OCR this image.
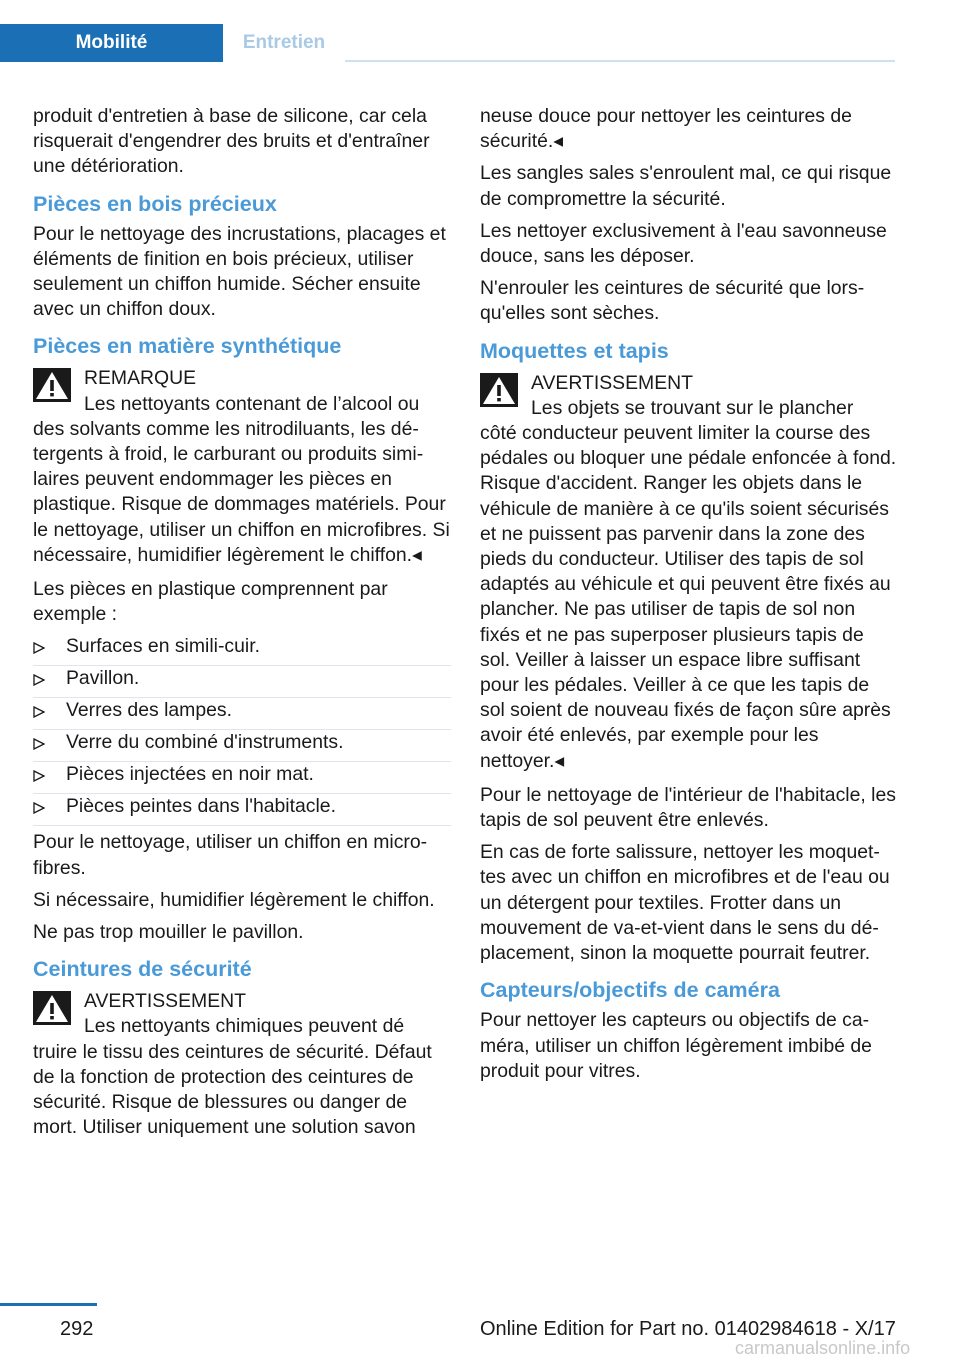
Mobilité	Entretien

produit d'entretien à base de silicone, car cela risquerait d'engendrer des bruits et d'entraîner une détérioration.

Pièces en bois précieux

Pour le nettoyage des incrustations, placages et éléments de finition en bois précieux, utiliser seulement un chiffon humide. Sécher ensuite avec un chiffon doux.

Pièces en matière synthétique
REMARQUE
Les nettoyants contenant de l’alcool ou
des solvants comme les nitrodiluants, les détergents à froid, le carburant ou produits similaires peuvent endommager les pièces en plastique. Risque de dommages matériels. Pour le nettoyage, utiliser un chiffon en microfibres. Si nécessaire, humidifier légèrement le chiffon.◂

Les pièces en plastique comprennent par exemple :

Surfaces en simili-cuir.
Pavillon.
Verres des lampes.
Verre du combiné d'instruments.
Pièces injectées en noir mat.
Pièces peintes dans l'habitacle.

Pour le nettoyage, utiliser un chiffon en microfibres.

Si nécessaire, humidifier légèrement le chiffon.

Ne pas trop mouiller le pavillon.

Ceintures de sécurité
AVERTISSEMENT
Les nettoyants chimiques peuvent dé
truire le tissu des ceintures de sécurité. Défaut de la fonction de protection des ceintures de sécurité. Risque de blessures ou danger de mort. Utiliser uniquement une solution savon

neuse douce pour nettoyer les ceintures de sécurité.◂

Les sangles sales s'enroulent mal, ce qui risque de compromettre la sécurité.

Les nettoyer exclusivement à l'eau savonneuse douce, sans les déposer.

N'enrouler les ceintures de sécurité que lorsqu'elles sont sèches.

Moquettes et tapis
AVERTISSEMENT
Les objets se trouvant sur le plancher
côté conducteur peuvent limiter la course des pédales ou bloquer une pédale enfoncée à fond. Risque d'accident. Ranger les objets dans le véhicule de manière à ce qu'ils soient sécurisés et ne puissent pas parvenir dans la zone des pieds du conducteur. Utiliser des tapis de sol adaptés au véhicule et qui peuvent être fixés au plancher. Ne pas utiliser de tapis de sol non fixés et ne pas superposer plusieurs tapis de sol. Veiller à laisser un espace libre suffisant pour les pédales. Veiller à ce que les tapis de sol soient de nouveau fixés de façon sûre après avoir été enlevés, par exemple pour les nettoyer.◂

Pour le nettoyage de l'intérieur de l'habitacle, les tapis de sol peuvent être enlevés.

En cas de forte salissure, nettoyer les moquettes avec un chiffon en microfibres et de l'eau ou un détergent pour textiles. Frotter dans un mouvement de va-et-vient dans le sens du déplacement, sinon la moquette pourrait feutrer.

Capteurs/objectifs de caméra

Pour nettoyer les capteurs ou objectifs de caméra, utiliser un chiffon légèrement imbibé de produit pour vitres.

292	Online Edition for Part no. 01402984618 - X/17
carmanualsonline.info
